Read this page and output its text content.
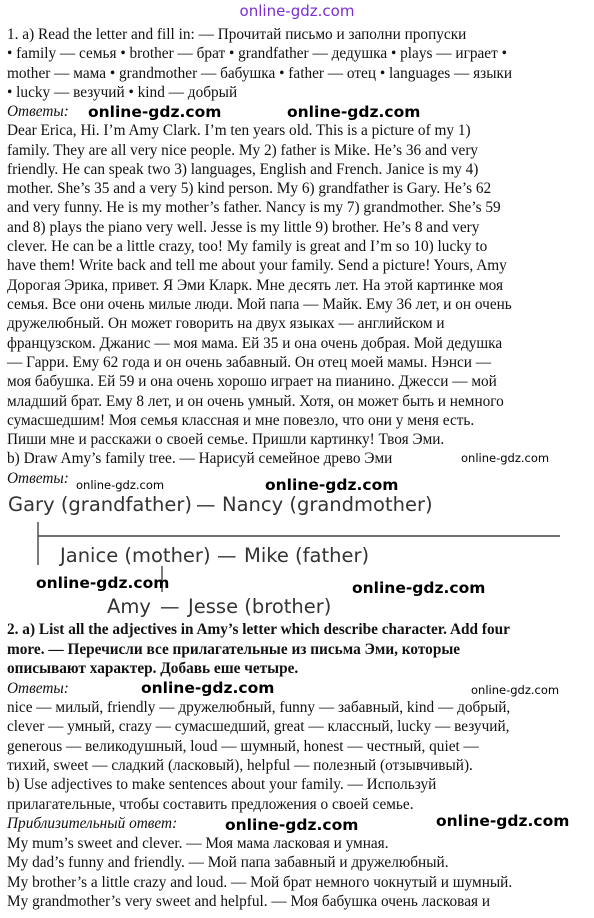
online-gdz.com
1. a) Read the letter and fill in: — Прочитай письмо и заполни пропуски
• family — семья • brother — брат • grandfather — дедушка • plays — играет •
mother — мама • grandmother — бабушка • father — отец • languages — языки
• lucky — везучий • kind — добрый
Ответы:
Dear Erica, Hi. I’m Amy Clark. I’m ten years old. This is a picture of my 1)
family. They are all very nice people. My 2) father is Mike. He’s 36 and very
friendly. He can speak two 3) languages, English and French. Janice is my 4)
mother. She’s 35 and a very 5) kind person. My 6) grandfather is Gary. He’s 62
and very funny. He is my mother’s father. Nancy is my 7) grandmother. She’s 59
and 8) plays the piano very well. Jesse is my little 9) brother. He’s 8 and very
clever. He can be a little crazy, too! My family is great and I’m so 10) lucky to
have them! Write back and tell me about your family. Send a picture! Yours, Amy
Дорогая Эрика, привет. Я Эми Кларк. Мне десять лет. На этой картинке моя
семья. Все они очень милые люди. Мой папа — Майк. Ему 36 лет, и он очень
дружелюбный. Он может говорить на двух языках — английском и
французском. Джанис — моя мама. Ей 35 и она очень добрая. Мой дедушка
— Гарри. Ему 62 года и он очень забавный. Он отец моей мамы. Нэнси —
моя бабушка. Ей 59 и она очень хорошо играет на пианино. Джесси — мой
младший брат. Ему 8 лет, и он очень умный. Хотя, он может быть и немного
сумасшедшим! Моя семья классная и мне повезло, что они у меня есть.
Пиши мне и расскажи о своей семье. Пришли картинку! Твоя Эми.
b) Draw Amy’s family tree. — Нарисуй семейное древо Эми
Ответы:
2. a) List all the adjectives in Amy’s letter which describe character. Add four
more. — Перечисли все прилагательные из письма Эми, которые
описывают характер. Добавь еше четыре.
Ответы:
nice — милый, friendly — дружелюбный, funny — забавный, kind — добрый,
clever — умный, crazy — сумасшедший, great — классный, lucky — везучий,
generous — великодушный, loud — шумный, honest — честный, quiet —
тихий, sweet — сладкий (ласковый), helpful — полезный (отзывчивый).
b) Use adjectives to make sentences about your family. — Используй
прилагательные, чтобы составить предложения о своей семье.
Приблизительный ответ:
My mum’s sweet and clever. — Моя мама ласковая и умная.
My dad’s funny and friendly. — Мой папа забавный и дружелюбный.
My brother’s a little crazy and loud. — Мой брат немного чокнутый и шумный.
My grandmother’s very sweet and helpful. — Моя бабушка очень ласковая и
Gary (grandfather) — Nancy (grandmother)
Janice (mother) — Mike (father)
Amy — Jesse (brother)
online-gdz.com	online-gdz.com
online-gdz.com
online-gdz.com	online-gdz.com
online-gdz.com	online-gdz.com
online-gdz.com	online-gdz.com
online-gdz.com	online-gdz.com
